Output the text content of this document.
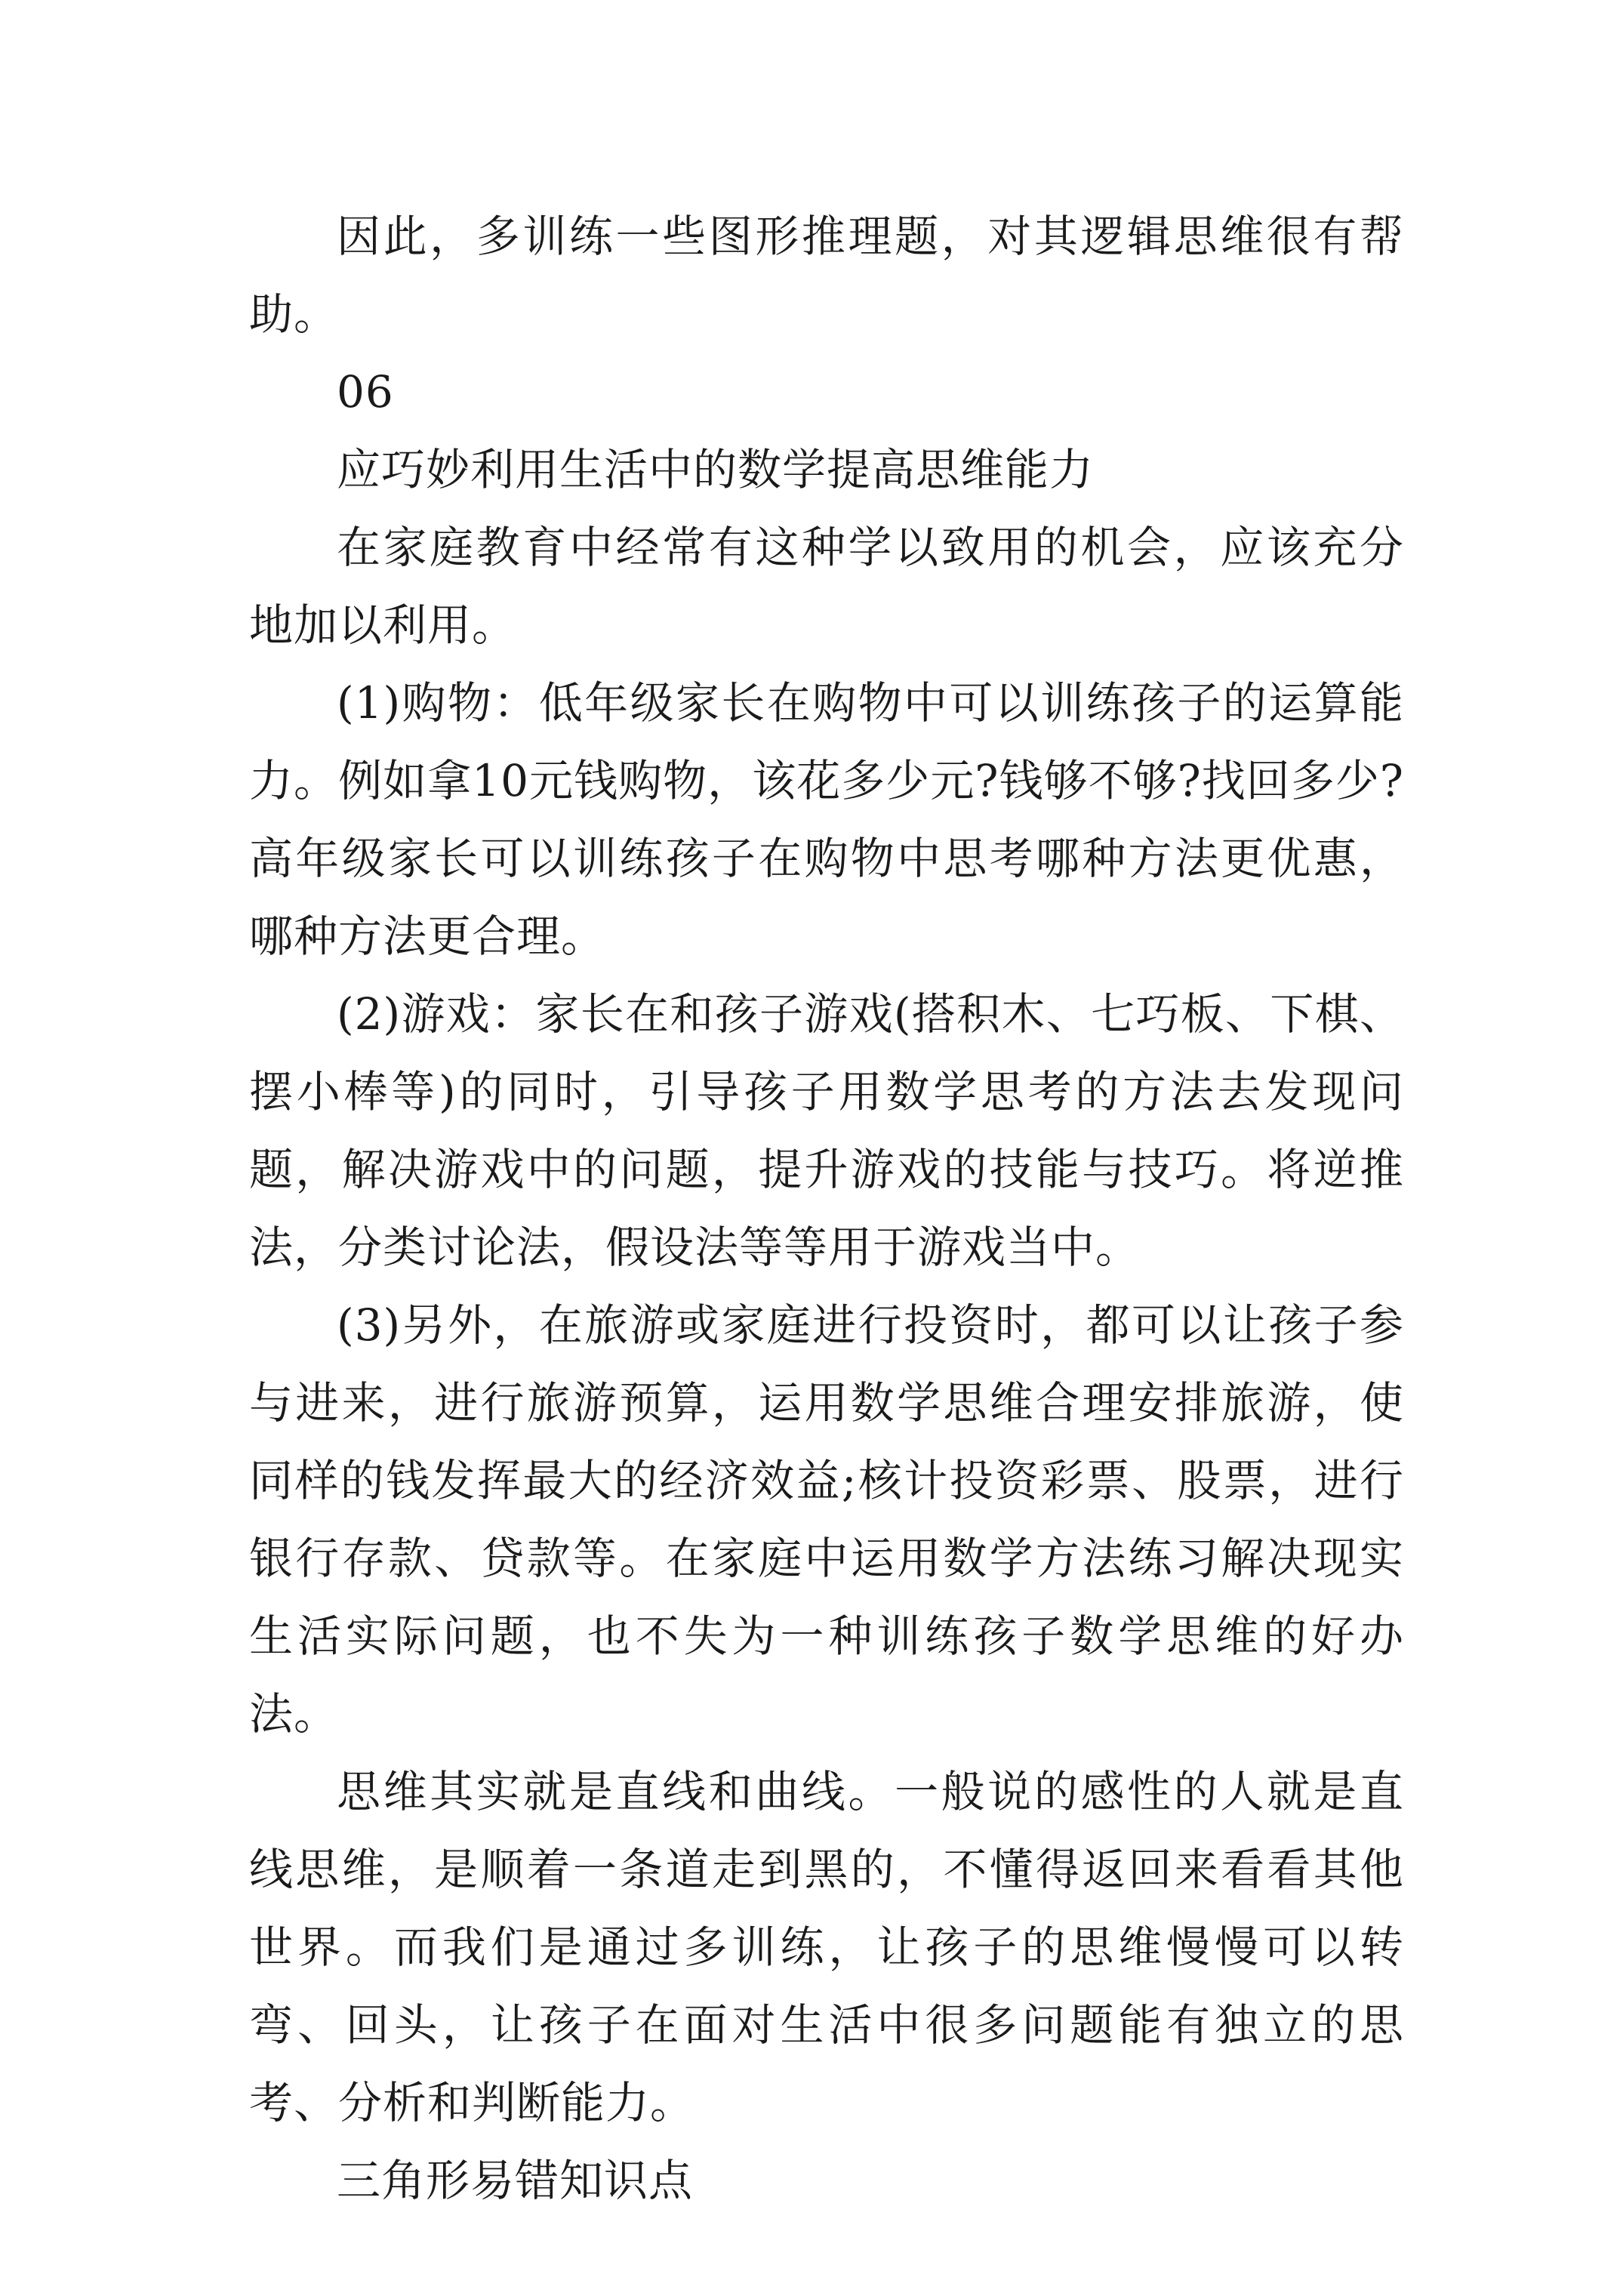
因此，多训练一些图形推理题，对其逻辑思维很有帮助。

06

应巧妙利用生活中的数学提高思维能力

在家庭教育中经常有这种学以致用的机会，应该充分地加以利用。

(1)购物：低年级家长在购物中可以训练孩子的运算能力。例如拿10元钱购物，该花多少元?钱够不够?找回多少?高年级家长可以训练孩子在购物中思考哪种方法更优惠，哪种方法更合理。

(2)游戏：家长在和孩子游戏(搭积木、七巧板、下棋、摆小棒等)的同时，引导孩子用数学思考的方法去发现问题，解决游戏中的问题，提升游戏的技能与技巧。将逆推法，分类讨论法，假设法等等用于游戏当中。

(3)另外，在旅游或家庭进行投资时，都可以让孩子参与进来，进行旅游预算，运用数学思维合理安排旅游，使同样的钱发挥最大的经济效益;核计投资彩票、股票，进行银行存款、贷款等。在家庭中运用数学方法练习解决现实生活实际问题，也不失为一种训练孩子数学思维的好办法。

思维其实就是直线和曲线。一般说的感性的人就是直线思维，是顺着一条道走到黑的，不懂得返回来看看其他世界。而我们是通过多训练，让孩子的思维慢慢可以转弯、回头，让孩子在面对生活中很多问题能有独立的思考、分析和判断能力。

三角形易错知识点
